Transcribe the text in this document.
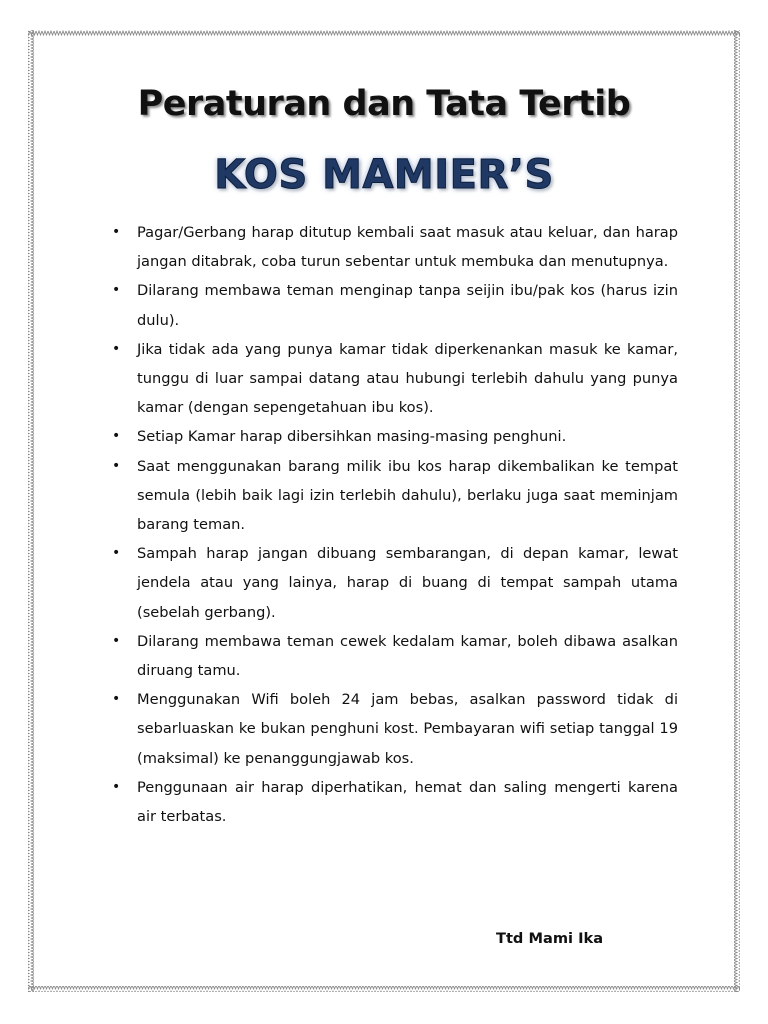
Peraturan dan Tata Tertib
KOS MAMIER’S
• Pagar/Gerbang harap ditutup kembali saat masuk atau keluar, dan harap jangan ditabrak, coba turun sebentar untuk membuka dan menutupnya.
• Dilarang membawa teman menginap tanpa seijin ibu/pak kos (harus izin dulu).
• Jika tidak ada yang punya kamar tidak diperkenankan masuk ke kamar, tunggu di luar sampai datang atau hubungi terlebih dahulu yang punya kamar (dengan sepengetahuan ibu kos).
• Setiap Kamar harap dibersihkan masing-masing penghuni.
• Saat menggunakan barang milik ibu kos harap dikembalikan ke tempat semula (lebih baik lagi izin terlebih dahulu), berlaku juga saat meminjam barang teman.
• Sampah harap jangan dibuang sembarangan, di depan kamar, lewat jendela atau yang lainya, harap di buang di tempat sampah utama (sebelah gerbang).
• Dilarang membawa teman cewek kedalam kamar, boleh dibawa asalkan diruang tamu.
• Menggunakan Wifi boleh 24 jam bebas, asalkan password tidak di sebarluaskan ke bukan penghuni kost. Pembayaran wifi setiap tanggal 19 (maksimal) ke penanggungjawab kos.
• Penggunaan air harap diperhatikan, hemat dan saling mengerti karena air terbatas.

Ttd Mami Ika
